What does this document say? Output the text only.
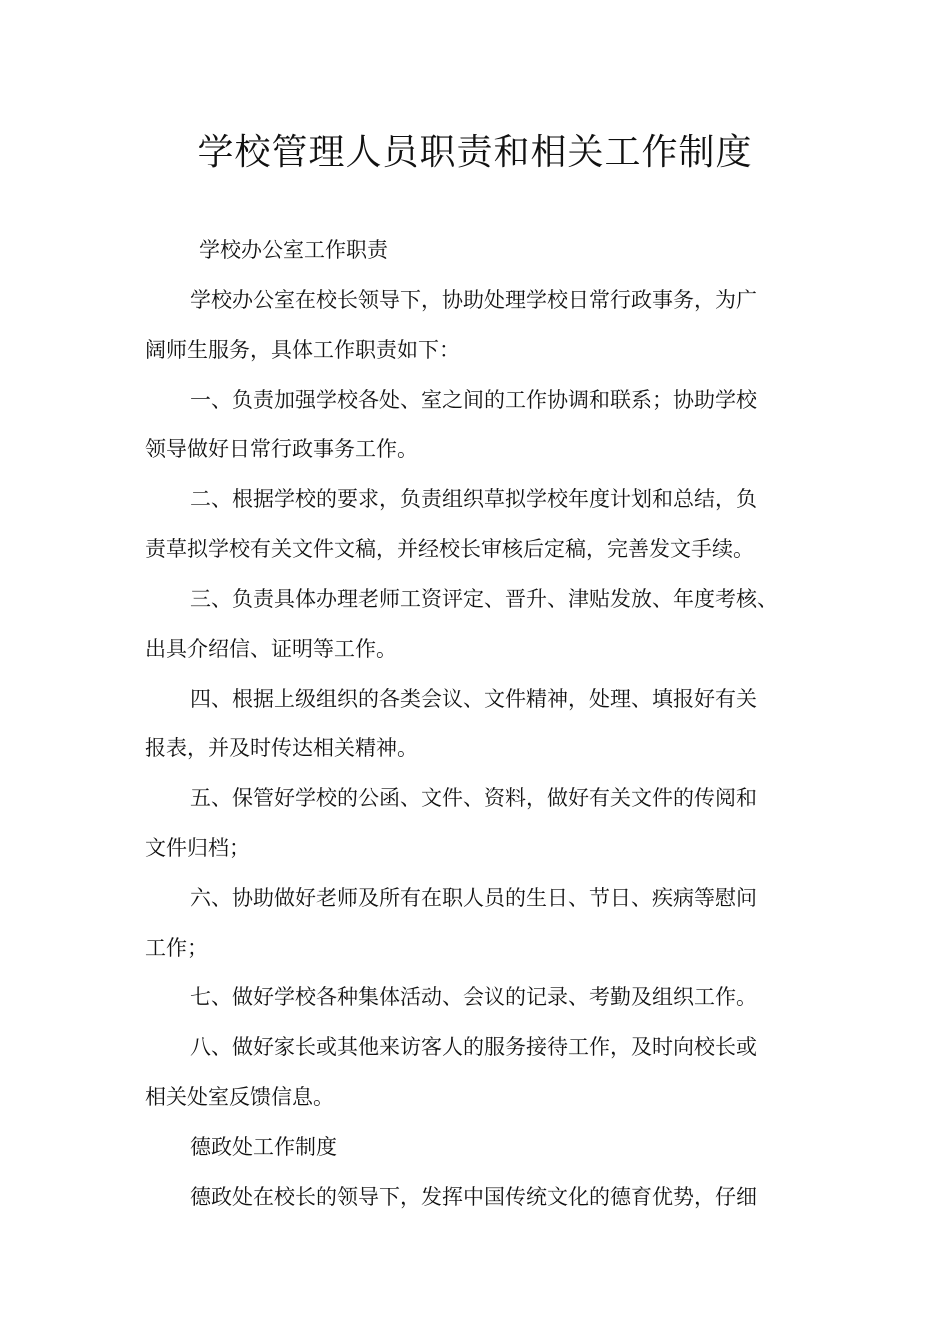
学校管理人员职责和相关工作制度

学校办公室工作职责

学校办公室在校长领导下，协助处理学校日常行政事务，为广

阔师生服务，具体工作职责如下：

一、负责加强学校各处、室之间的工作协调和联系；协助学校

领导做好日常行政事务工作。

二、根据学校的要求，负责组织草拟学校年度计划和总结，负

责草拟学校有关文件文稿，并经校长审核后定稿，完善发文手续。

三、负责具体办理老师工资评定、晋升、津贴发放、年度考核、

出具介绍信、证明等工作。

四、根据上级组织的各类会议、文件精神，处理、填报好有关

报表，并及时传达相关精神。

五、保管好学校的公函、文件、资料，做好有关文件的传阅和

文件归档；

六、协助做好老师及所有在职人员的生日、节日、疾病等慰问

工作；

七、做好学校各种集体活动、会议的记录、考勤及组织工作。

八、做好家长或其他来访客人的服务接待工作，及时向校长或

相关处室反馈信息。

德政处工作制度

德政处在校长的领导下，发挥中国传统文化的德育优势，仔细
